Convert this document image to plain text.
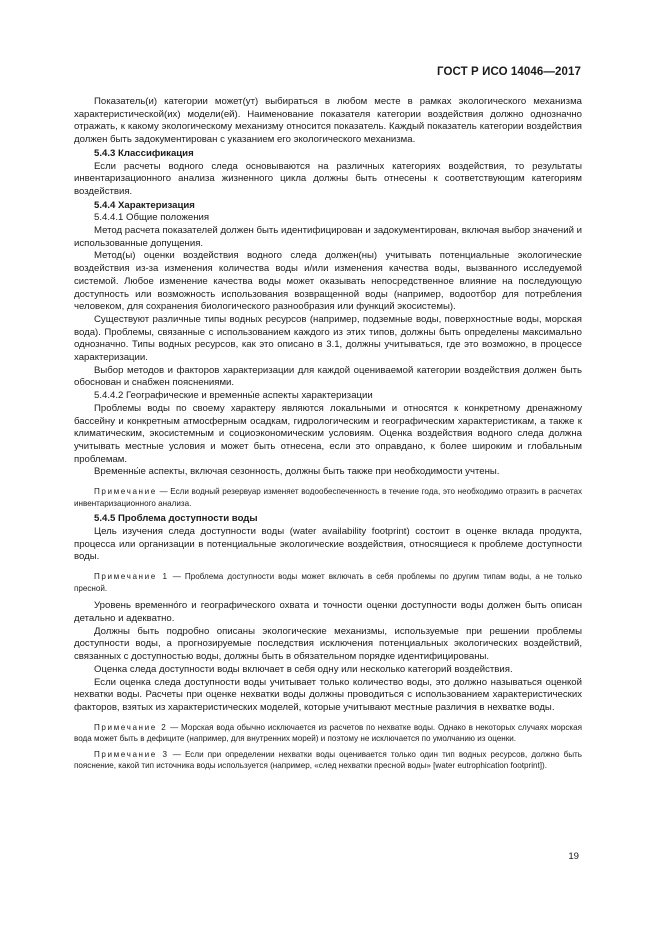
ГОСТ Р ИСО 14046—2017

Показатель(и) категории может(ут) выбираться в любом месте в рамках экологического механизма характеристической(их) модели(ей). Наименование показателя категории воздействия должно однозначно отражать, к какому экологическому механизму относится показатель. Каждый показатель категории воздействия должен быть задокументирован с указанием его экологического механизма.

5.4.3 Классификация

Если расчеты водного следа основываются на различных категориях воздействия, то результаты инвентаризационного анализа жизненного цикла должны быть отнесены к соответствующим категориям воздействия.

5.4.4 Характеризация

5.4.4.1 Общие положения

Метод расчета показателей должен быть идентифицирован и задокументирован, включая выбор значений и использованные допущения.

Метод(ы) оценки воздействия водного следа должен(ны) учитывать потенциальные экологические воздействия из-за изменения количества воды и/или изменения качества воды, вызванного исследуемой системой. Любое изменение качества воды может оказывать непосредственное влияние на последующую доступность или возможность использования возвращенной воды (например, водоотбор для потребления человеком, для сохранения биологического разнообразия или функций экосистемы).

Существуют различные типы водных ресурсов (например, подземные воды, поверхностные воды, морская вода). Проблемы, связанные с использованием каждого из этих типов, должны быть определены максимально однозначно. Типы водных ресурсов, как это описано в 3.1, должны учитываться, где это возможно, в процессе характеризации.

Выбор методов и факторов характеризации для каждой оцениваемой категории воздействия должен быть обоснован и снабжен пояснениями.

5.4.4.2 Географические и временны́е аспекты характеризации

Проблемы воды по своему характеру являются локальными и относятся к конкретному дренажному бассейну и конкретным атмосферным осадкам, гидрологическим и географическим характеристикам, а также к климатическим, экосистемным и социоэкономическим условиям. Оценка воздействия водного следа должна учитывать местные условия и может быть отнесена, если это оправдано, к более широким и глобальным проблемам.

Временны́е аспекты, включая сезонность, должны быть также при необходимости учтены.

Примечание — Если водный резервуар изменяет водообеспеченность в течение года, это необходимо отразить в расчетах инвентаризационного анализа.

5.4.5 Проблема доступности воды

Цель изучения следа доступности воды (water availability footprint) состоит в оценке вклада продукта, процесса или организации в потенциальные экологические воздействия, относящиеся к проблеме доступности воды.

Примечание 1 — Проблема доступности воды может включать в себя проблемы по другим типам воды, а не только пресной.

Уровень временно́го и географического охвата и точности оценки доступности воды должен быть описан детально и адекватно.

Должны быть подробно описаны экологические механизмы, используемые при решении проблемы доступности воды, а прогнозируемые последствия исключения потенциальных экологических воздействий, связанных с доступностью воды, должны быть в обязательном порядке идентифицированы.

Оценка следа доступности воды включает в себя одну или несколько категорий воздействия.

Если оценка следа доступности воды учитывает только количество воды, это должно называться оценкой нехватки воды. Расчеты при оценке нехватки воды должны проводиться с использованием характеристических факторов, взятых из характеристических моделей, которые учитывают местные различия в нехватке воды.

Примечание 2 — Морская вода обычно исключается из расчетов по нехватке воды. Однако в некоторых случаях морская вода может быть в дефиците (например, для внутренних морей) и поэтому не исключается по умолчанию из оценки.

Примечание 3 — Если при определении нехватки воды оценивается только один тип водных ресурсов, должно быть пояснение, какой тип источника воды используется (например, «след нехватки пресной воды» [water eutrophication footprint]).

19
